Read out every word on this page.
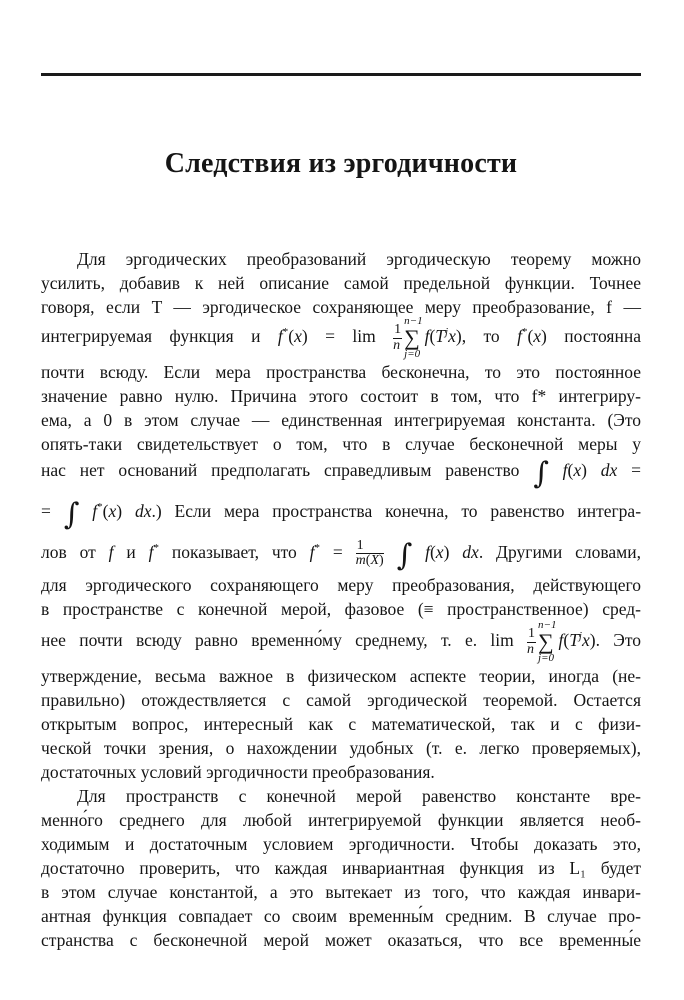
Следствия из эргодичности
Для эргодических преобразований эргодическую теорему можно
усилить, добавив к ней описание самой предельной функции. Точнее
говоря, если T — эргодическое сохраняющее меру преобразование, f —
интегрируемая функция и $f^*(x) = \lim \frac{1}{n}$
n−1
∑
j=0
$f(T^jx)$, то f*(x) постоянна
почти всюду. Если мера пространства бесконечна, то это постоянное
значение равно нулю. Причина этого состоит в том, что f* интегриру-
ема, а 0 в этом случае — единственная интегрируемая константа. (Это
опять-таки свидетельствует о том, что в случае бесконечной меры у
нас нет оснований предполагать справедливым равенство ∫ f(x) dx =
= ∫ f*(x) dx.) Если мера пространства конечна, то равенство интегра-
лов от f и f* показывает, что $f^* = \frac{1}{m(X)}$ ∫ f(x) dx. Другими словами,
для эргодического сохраняющего меру преобразования, действующего
в пространстве с конечной мерой, фазовое (≡ пространственное) сред-
нее почти всюду равно временно́му среднему, т. е. $\lim \frac{1}{n}$
n−1
∑
j=0
$f(T^jx)$. Это
утверждение, весьма важное в физическом аспекте теории, иногда (не-
правильно) отождествляется с самой эргодической теоремой. Остается
открытым вопрос, интересный как с математической, так и с физи-
ческой точки зрения, о нахождении удобных (т. е. легко проверяемых),
достаточных условий эргодичности преобразования.
Для пространств с конечной мерой равенство константе вре-
менно́го среднего для любой интегрируемой функции является необ-
ходимым и достаточным условием эргодичности. Чтобы доказать это,
достаточно проверить, что каждая инвариантная функция из L₁ будет
в этом случае константой, а это вытекает из того, что каждая инвари-
антная функция совпадает со своим временны́м средним. В случае про-
странства с бесконечной мерой может оказаться, что все временны́е
